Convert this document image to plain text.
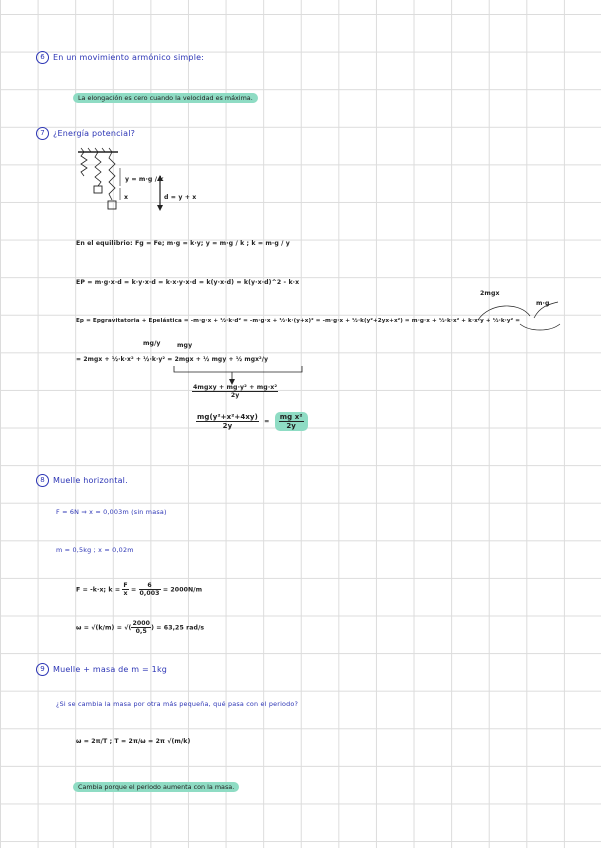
6 En un movimiento armónico simple:
La elongación es cero cuando la velocidad es máxima.
7 ¿Energía potencial?
y = m·g / k
x	d = y + x
En el equilibrio: Fg = Fe; m·g = k·y; y = m·g / k ; k = m·g / y
EP = m·g·x·d = k·y·x·d = k·x·y·x·d = k(y·x·d) = k(y·x·d)^2 - k·x
2mgx
m·g
Ep = Epgravitatoria + Epelástica = -m·g·x + ½·k·d² = -m·g·x + ½·k·(y+x)² = -m·g·x + ½·k(y²+2yx+x²) = m·g·x + ½·k·x² + k·x·y + ½·k·y² =
mg/y	mgy
= 2mgx + ½·k·x² + ½·k·y² = 2mgx + ½ mgy + ½ mgx²/y
$\frac{\text{4mgxy + mg·y² + mg·x²}}{2y}$
$\frac{\text{mg(y²+x²+4xy)}}{2y} = \frac{\text{mg x²}}{2y}$
8 Muelle horizontal.
F = 6N ⇒ x = 0,003m (sin masa)
m = 0,5kg ; x = 0,02m
F = -k·x; $k = \frac{F}{x} = \frac{6}{0,003} = 2000N/m$
ω = √(k/m) = √( $\frac{2000}{0,5}$ ) = 63,25 rad/s
9 Muelle + masa de m = 1kg
¿Si se cambia la masa por otra más pequeña, qué pasa con el periodo?
ω = 2π/T ; T = 2π/ω = 2π √(m/k)
Cambia porque el periodo aumenta con la masa.
